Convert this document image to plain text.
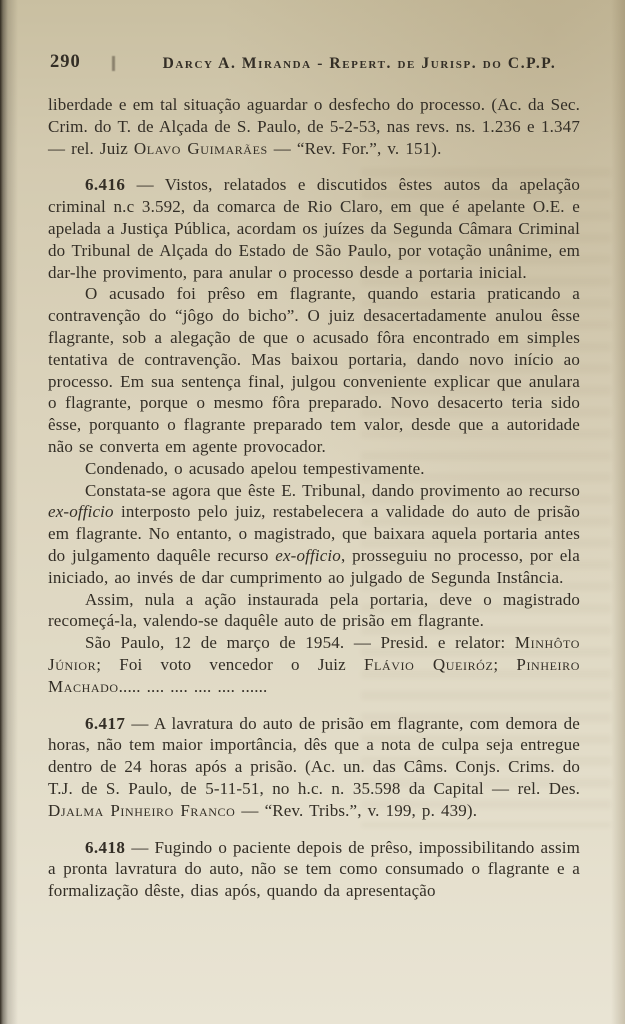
290	Darcy A. Miranda - Repert. de Jurisp. do C.P.P.

liberdade e em tal situação aguardar o desfecho do processo. (Ac. da Sec. Crim. do T. de Alçada de S. Paulo, de 5-2-53, nas revs. ns. 1.236 e 1.347 — rel. Juiz Olavo Guimarães — “Rev. For.”, v. 151).

6.416 — Vistos, relatados e discutidos êstes autos da apelação criminal n.c 3.592, da comarca de Rio Claro, em que é apelante O.E. e apelada a Justiça Pública, acordam os juízes da Segunda Câmara Criminal do Tribunal de Alçada do Estado de São Paulo, por votação unânime, em dar-lhe provimento, para anular o processo desde a portaria inicial.

O acusado foi prêso em flagrante, quando estaria praticando a contravenção do “jôgo do bicho”. O juiz desacertadamente anulou êsse flagrante, sob a alegação de que o acusado fôra encontrado em simples tentativa de contravenção. Mas baixou portaria, dando novo início ao processo. Em sua sentença final, julgou conveniente explicar que anulara o flagrante, porque o mesmo fôra preparado. Novo desacerto teria sido êsse, porquanto o flagrante preparado tem valor, desde que a autoridade não se converta em agente provocador.

Condenado, o acusado apelou tempestivamente.

Constata-se agora que êste E. Tribunal, dando provimento ao recurso ex-officio interposto pelo juiz, restabelecera a validade do auto de prisão em flagrante. No entanto, o magistrado, que baixara aquela portaria antes do julgamento daquêle recurso ex-officio, prosseguiu no processo, por ela iniciado, ao invés de dar cumprimento ao julgado de Segunda Instância.

Assim, nula a ação instaurada pela portaria, deve o magistrado recomeçá-la, valendo-se daquêle auto de prisão em flagrante.

São Paulo, 12 de março de 1954. — Presid. e relator: Minhôto Júnior; Foi voto vencedor o Juiz Flávio Queiróz; Pinheiro Machado..... .... .... .... .... ......

6.417 — A lavratura do auto de prisão em flagrante, com demora de horas, não tem maior importância, dês que a nota de culpa seja entregue dentro de 24 horas após a prisão. (Ac. un. das Câms. Conjs. Crims. do T.J. de S. Paulo, de 5-11-51, no h.c. n. 35.598 da Capital — rel. Des. Djalma Pinheiro Franco — “Rev. Tribs.”, v. 199, p. 439).

6.418 — Fugindo o paciente depois de prêso, impossibilitando assim a pronta lavratura do auto, não se tem como consumado o flagrante e a formalização dêste, dias após, quando da apresentação
